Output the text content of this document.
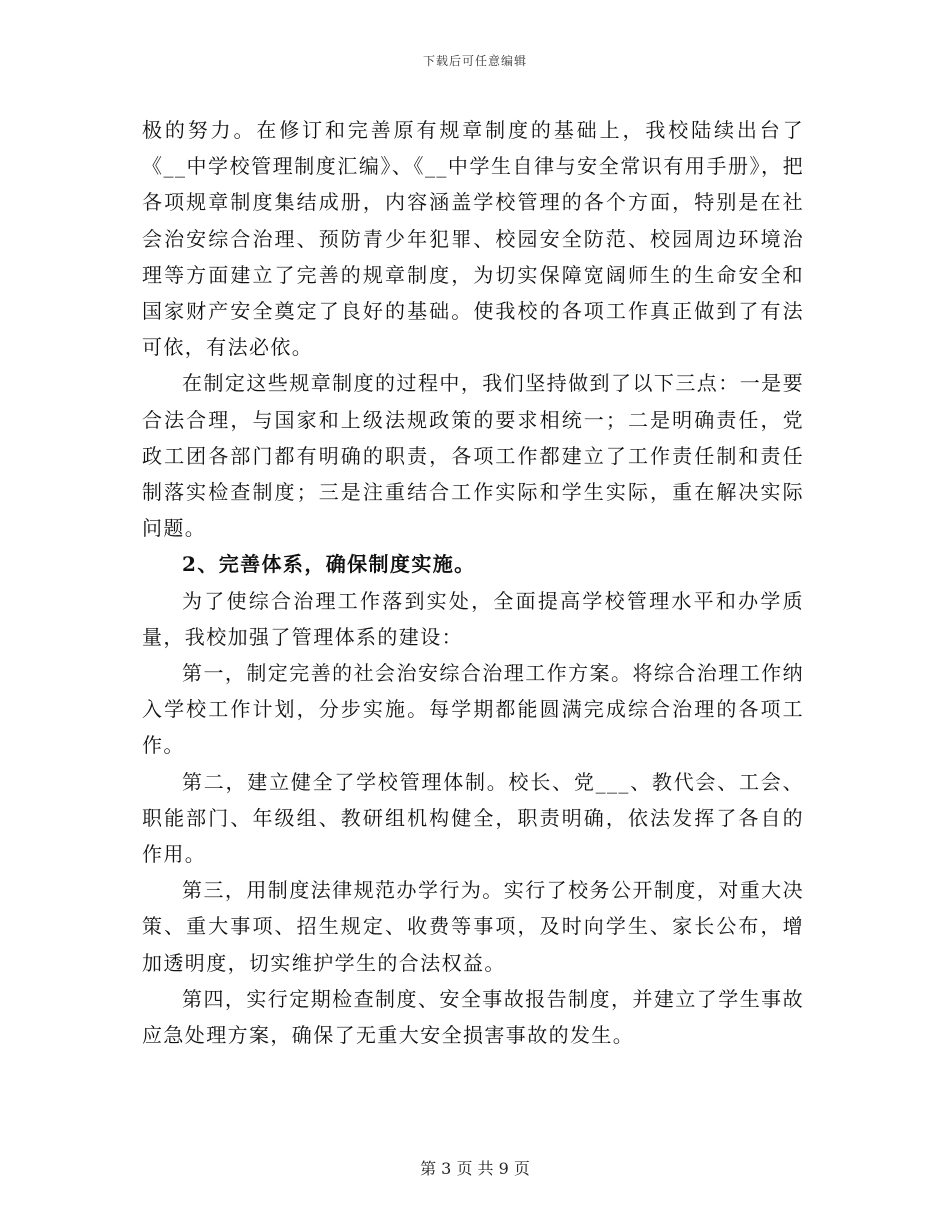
下载后可任意编辑

极的努力。在修订和完善原有规章制度的基础上，我校陆续出台了《__中学校管理制度汇编》、《__中学生自律与安全常识有用手册》，把各项规章制度集结成册，内容涵盖学校管理的各个方面，特别是在社会治安综合治理、预防青少年犯罪、校园安全防范、校园周边环境治理等方面建立了完善的规章制度，为切实保障宽阔师生的生命安全和国家财产安全奠定了良好的基础。使我校的各项工作真正做到了有法可依，有法必依。

在制定这些规章制度的过程中，我们坚持做到了以下三点：一是要合法合理，与国家和上级法规政策的要求相统一；二是明确责任，党政工团各部门都有明确的职责，各项工作都建立了工作责任制和责任制落实检查制度；三是注重结合工作实际和学生实际，重在解决实际问题。

2、完善体系，确保制度实施。

为了使综合治理工作落到实处，全面提高学校管理水平和办学质量，我校加强了管理体系的建设：

第一，制定完善的社会治安综合治理工作方案。将综合治理工作纳入学校工作计划，分步实施。每学期都能圆满完成综合治理的各项工作。

第二，建立健全了学校管理体制。校长、党___、教代会、工会、职能部门、年级组、教研组机构健全，职责明确，依法发挥了各自的作用。

第三，用制度法律规范办学行为。实行了校务公开制度，对重大决策、重大事项、招生规定、收费等事项，及时向学生、家长公布，增加透明度，切实维护学生的合法权益。

第四，实行定期检查制度、安全事故报告制度，并建立了学生事故应急处理方案，确保了无重大安全损害事故的发生。

第 3 页 共 9 页
